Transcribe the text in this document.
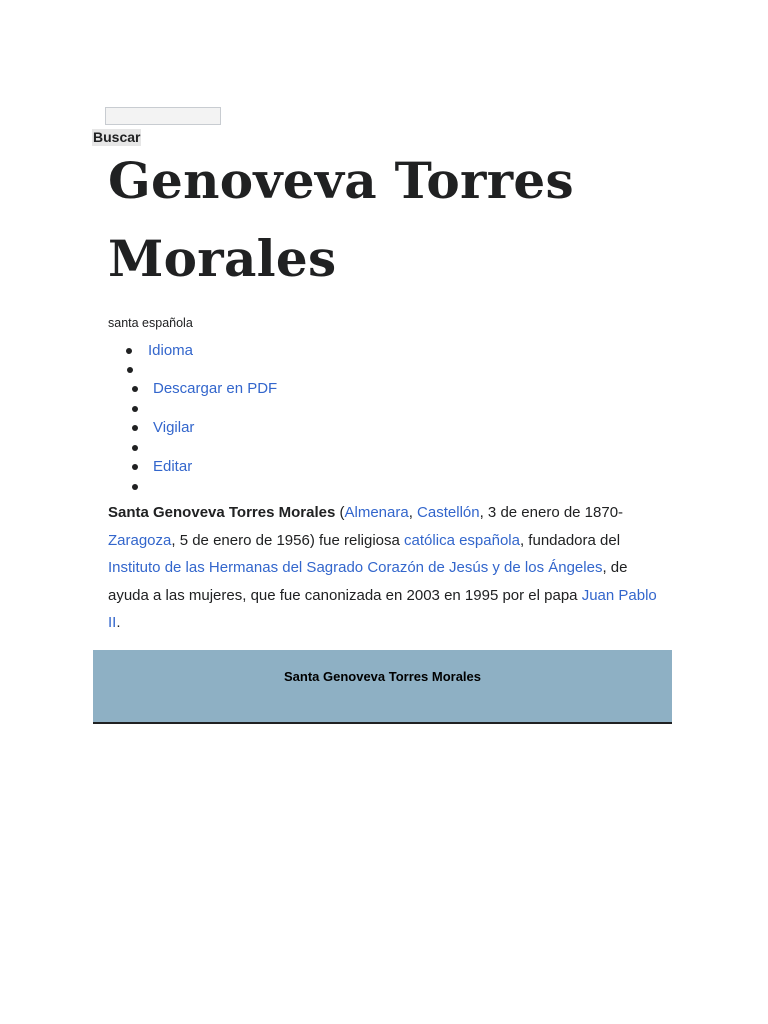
Buscar
Genoveva Torres Morales
santa española
Idioma
Descargar en PDF
Vigilar
Editar

Santa Genoveva Torres Morales (Almenara, Castellón, 3 de enero de 1870-Zaragoza, 5 de enero de 1956) fue religiosa católica española, fundadora del Instituto de las Hermanas del Sagrado Corazón de Jesús y de los Ángeles, de ayuda a las mujeres, que fue canonizada en 2003 en 1995 por el papa Juan Pablo II.

Santa Genoveva Torres Morales
